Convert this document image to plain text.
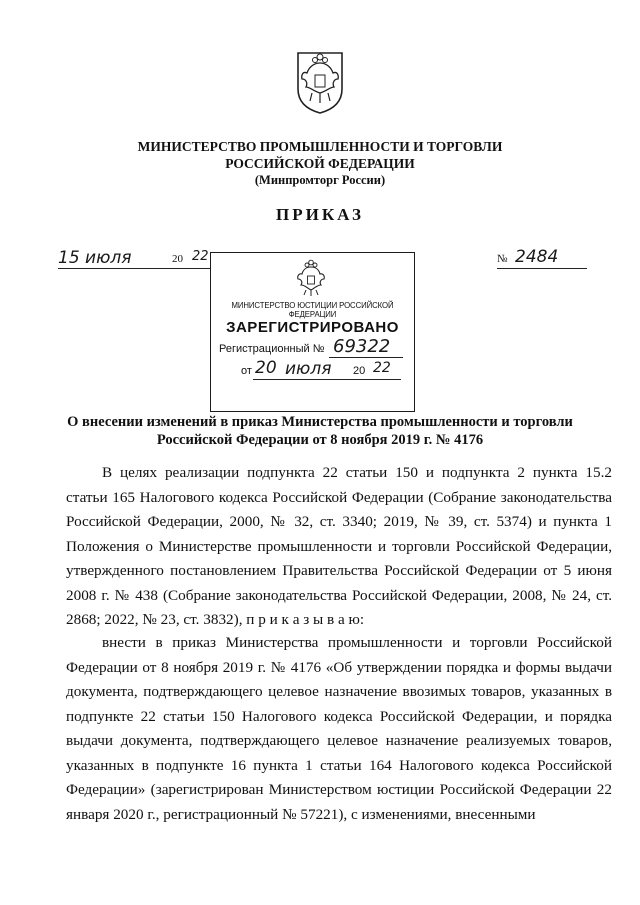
МИНИСТЕРСТВО ПРОМЫШЛЕННОСТИ И ТОРГОВЛИ
РОССИЙСКОЙ ФЕДЕРАЦИИ
(Минпромторг России)
ПРИКАЗ
15 июля	20 22	№ 2484
МИНИСТЕРСТВО ЮСТИЦИИ РОССИЙСКОЙ ФЕДЕРАЦИИ
ЗАРЕГИСТРИРОВАНО
Регистрационный № 69322
от 20 июля 20 22
О внесении изменений в приказ Министерства промышленности и торговли
Российской Федерации от 8 ноября 2019 г. № 4176
В целях реализации подпункта 22 статьи 150 и подпункта 2 пункта 15.2 статьи 165 Налогового кодекса Российской Федерации (Собрание законодательства Российской Федерации, 2000, № 32, ст. 3340; 2019, № 39, ст. 5374) и пункта 1 Положения о Министерстве промышленности и торговли Российской Федерации, утвержденного постановлением Правительства Российской Федерации от 5 июня 2008 г. № 438 (Собрание законодательства Российской Федерации, 2008, № 24, ст. 2868; 2022, № 23, ст. 3832), п р и к а з ы в а ю:
внести в приказ Министерства промышленности и торговли Российской Федерации от 8 ноября 2019 г. № 4176 «Об утверждении порядка и формы выдачи документа, подтверждающего целевое назначение ввозимых товаров, указанных в подпункте 22 статьи 150 Налогового кодекса Российской Федерации, и порядка выдачи документа, подтверждающего целевое назначение реализуемых товаров, указанных в подпункте 16 пункта 1 статьи 164 Налогового кодекса Российской Федерации» (зарегистрирован Министерством юстиции Российской Федерации 22 января 2020 г., регистрационный № 57221), с изменениями, внесенными
